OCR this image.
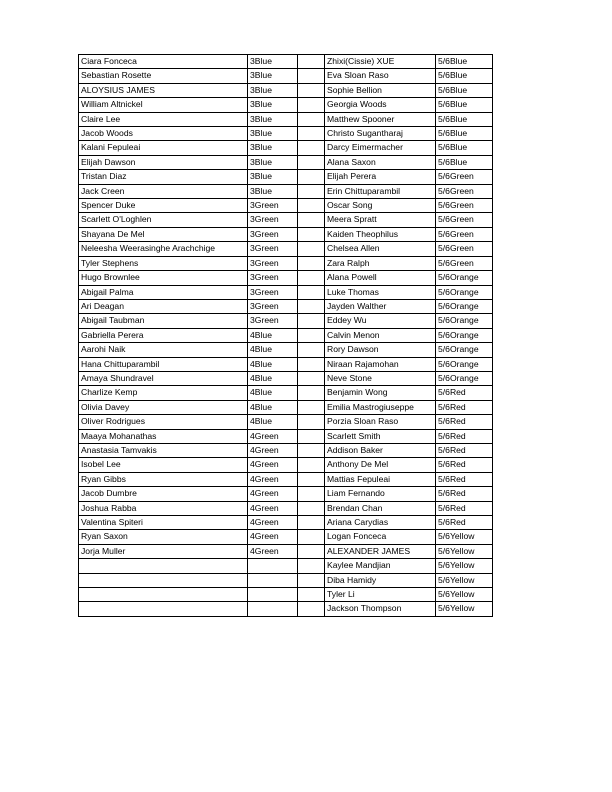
Ciara Fonceca	3Blue		Zhixi(Cissie) XUE	5/6Blue
Sebastian Rosette	3Blue		Eva Sloan Raso	5/6Blue
ALOYSIUS JAMES	3Blue		Sophie Bellion	5/6Blue
William Altnickel	3Blue		Georgia Woods	5/6Blue
Claire Lee	3Blue		Matthew Spooner	5/6Blue
Jacob Woods	3Blue		Christo Sugantharaj	5/6Blue
Kalani Fepuleai	3Blue		Darcy Eimermacher	5/6Blue
Elijah Dawson	3Blue		Alana Saxon	5/6Blue
Tristan Diaz	3Blue		Elijah Perera	5/6Green
Jack Creen	3Blue		Erin Chittuparambil	5/6Green
Spencer Duke	3Green		Oscar Song	5/6Green
Scarlett O'Loghlen	3Green		Meera Spratt	5/6Green
Shayana De Mel	3Green		Kaiden Theophilus	5/6Green
Neleesha Weerasinghe Arachchige	3Green		Chelsea Allen	5/6Green
Tyler Stephens	3Green		Zara Ralph	5/6Green
Hugo Brownlee	3Green		Alana Powell	5/6Orange
Abigail Palma	3Green		Luke Thomas	5/6Orange
Ari Deagan	3Green		Jayden Walther	5/6Orange
Abigail Taubman	3Green		Eddey Wu	5/6Orange
Gabriella Perera	4Blue		Calvin Menon	5/6Orange
Aarohi Naik	4Blue		Rory Dawson	5/6Orange
Hana Chittuparambil	4Blue		Niraan Rajamohan	5/6Orange
Amaya Shundravel	4Blue		Neve Stone	5/6Orange
Charlize Kemp	4Blue		Benjamin Wong	5/6Red
Olivia Davey	4Blue		Emilia Mastrogiuseppe	5/6Red
Oliver Rodrigues	4Blue		Porzia Sloan Raso	5/6Red
Maaya Mohanathas	4Green		Scarlett Smith	5/6Red
Anastasia Tamvakis	4Green		Addison Baker	5/6Red
Isobel Lee	4Green		Anthony De Mel	5/6Red
Ryan Gibbs	4Green		Mattias Fepuleai	5/6Red
Jacob Dumbre	4Green		Liam Fernando	5/6Red
Joshua Rabba	4Green		Brendan Chan	5/6Red
Valentina Spiteri	4Green		Ariana Carydias	5/6Red
Ryan Saxon	4Green		Logan Fonceca	5/6Yellow
Jorja Muller	4Green		ALEXANDER JAMES	5/6Yellow
			Kaylee Mandjian	5/6Yellow
			Diba Hamidy	5/6Yellow
			Tyler Li	5/6Yellow
			Jackson Thompson	5/6Yellow
